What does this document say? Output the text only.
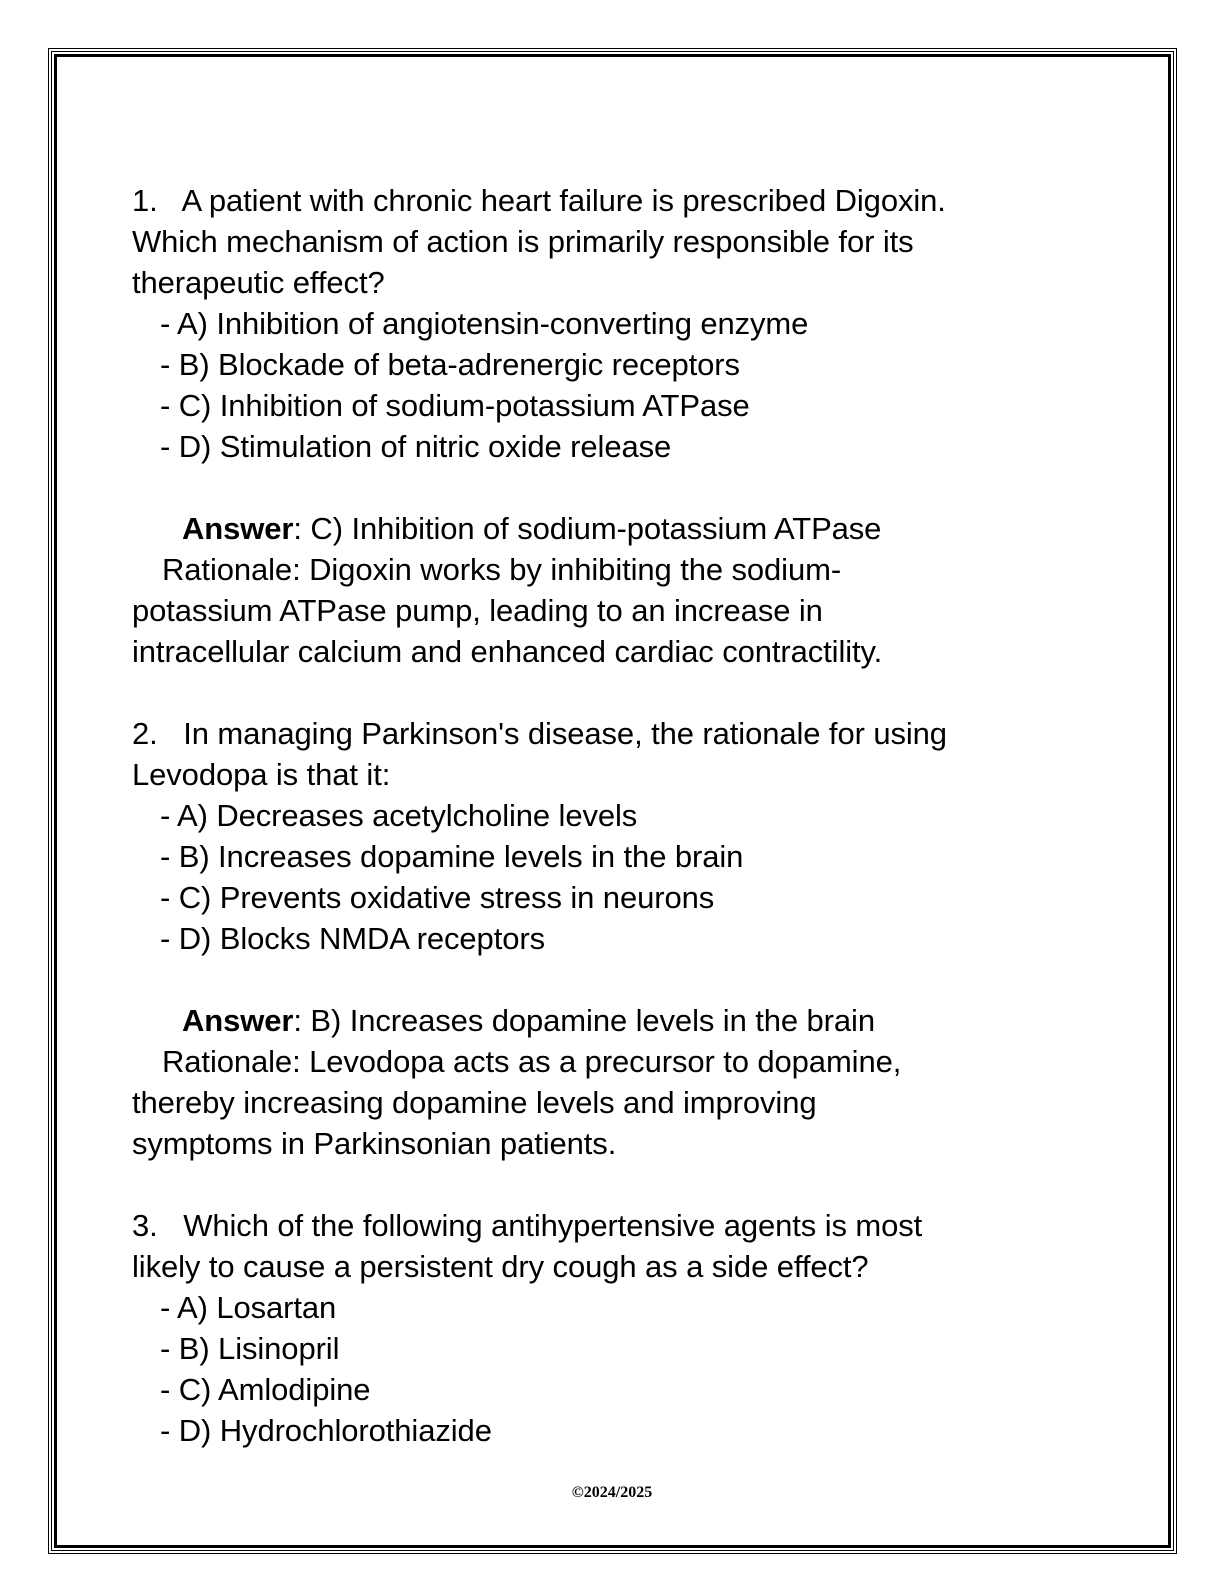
1. A patient with chronic heart failure is prescribed Digoxin.
Which mechanism of action is primarily responsible for its
therapeutic effect?
- A) Inhibition of angiotensin-converting enzyme
- B) Blockade of beta-adrenergic receptors
- C) Inhibition of sodium-potassium ATPase
- D) Stimulation of nitric oxide release
Answer: C) Inhibition of sodium-potassium ATPase
Rationale: Digoxin works by inhibiting the sodium-
potassium ATPase pump, leading to an increase in
intracellular calcium and enhanced cardiac contractility.
2. In managing Parkinson's disease, the rationale for using
Levodopa is that it:
- A) Decreases acetylcholine levels
- B) Increases dopamine levels in the brain
- C) Prevents oxidative stress in neurons
- D) Blocks NMDA receptors
Answer: B) Increases dopamine levels in the brain
Rationale: Levodopa acts as a precursor to dopamine,
thereby increasing dopamine levels and improving
symptoms in Parkinsonian patients.
3. Which of the following antihypertensive agents is most
likely to cause a persistent dry cough as a side effect?
- A) Losartan
- B) Lisinopril
- C) Amlodipine
- D) Hydrochlorothiazide
©2024/2025
